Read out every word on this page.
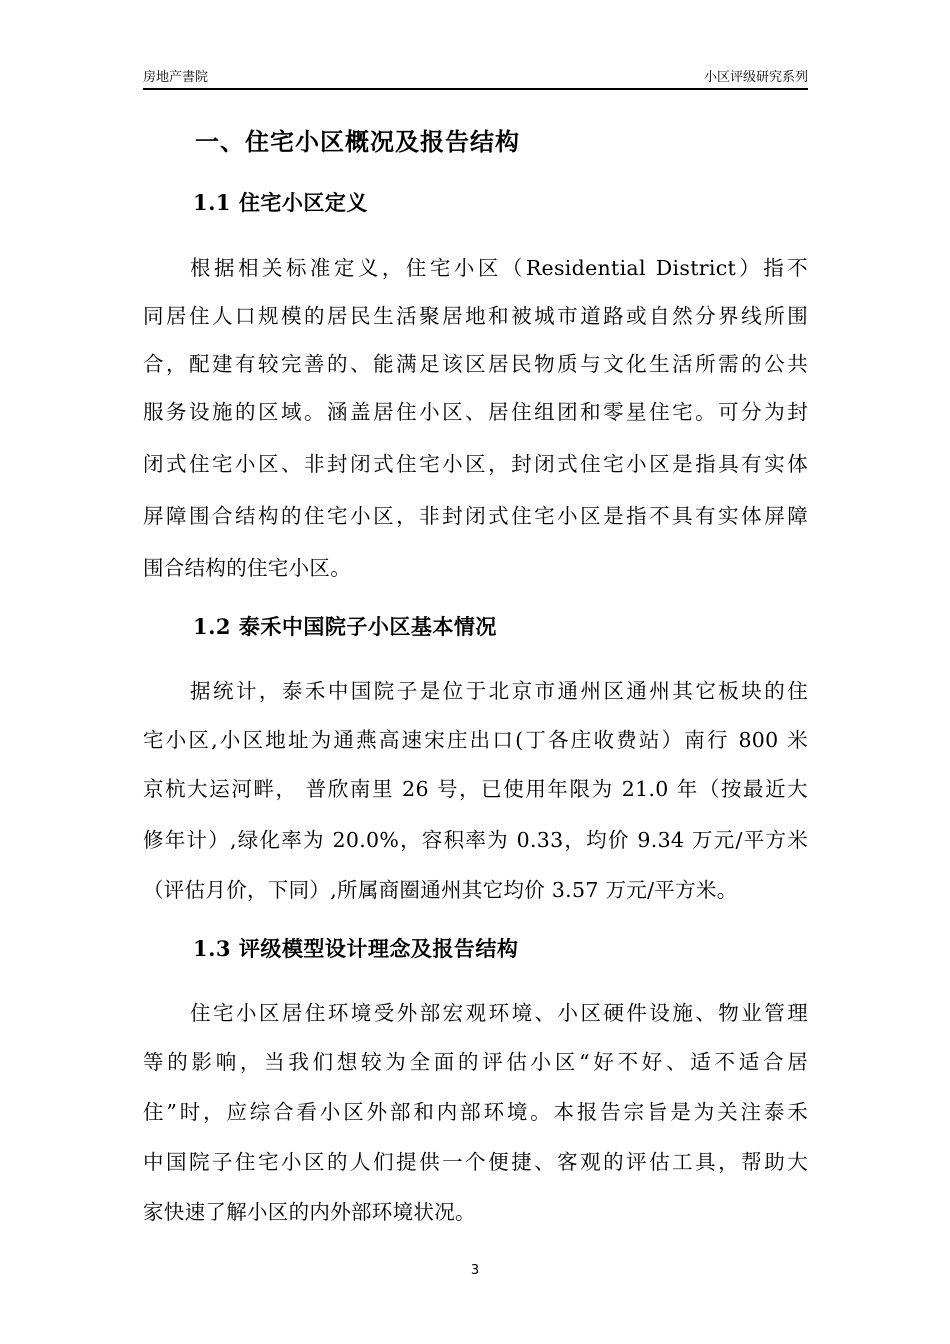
房地产書院	小区评级研究系列
一、住宅小区概况及报告结构
1.1 住宅小区定义
根据相关标准定义，住宅小区（Residential District）指不
同居住人口规模的居民生活聚居地和被城市道路或自然分界线所围
合，配建有较完善的、能满足该区居民物质与文化生活所需的公共
服务设施的区域。涵盖居住小区、居住组团和零星住宅。可分为封
闭式住宅小区、非封闭式住宅小区，封闭式住宅小区是指具有实体
屏障围合结构的住宅小区，非封闭式住宅小区是指不具有实体屏障
围合结构的住宅小区。
1.2 泰禾中国院子小区基本情况
据统计，泰禾中国院子是位于北京市通州区通州其它板块的住
宅小区,小区地址为通燕高速宋庄出口(丁各庄收费站）南行 800 米
京杭大运河畔， 普欣南里 26 号，已使用年限为 21.0 年（按最近大
修年计）,绿化率为 20.0%，容积率为 0.33，均价 9.34 万元/平方米
（评估月价，下同）,所属商圈通州其它均价 3.57 万元/平方米。
1.3 评级模型设计理念及报告结构
住宅小区居住环境受外部宏观环境、小区硬件设施、物业管理
等的影响，当我们想较为全面的评估小区“好不好、适不适合居
住”时，应综合看小区外部和内部环境。本报告宗旨是为关注泰禾
中国院子住宅小区的人们提供一个便捷、客观的评估工具，帮助大
家快速了解小区的内外部环境状况。
3
